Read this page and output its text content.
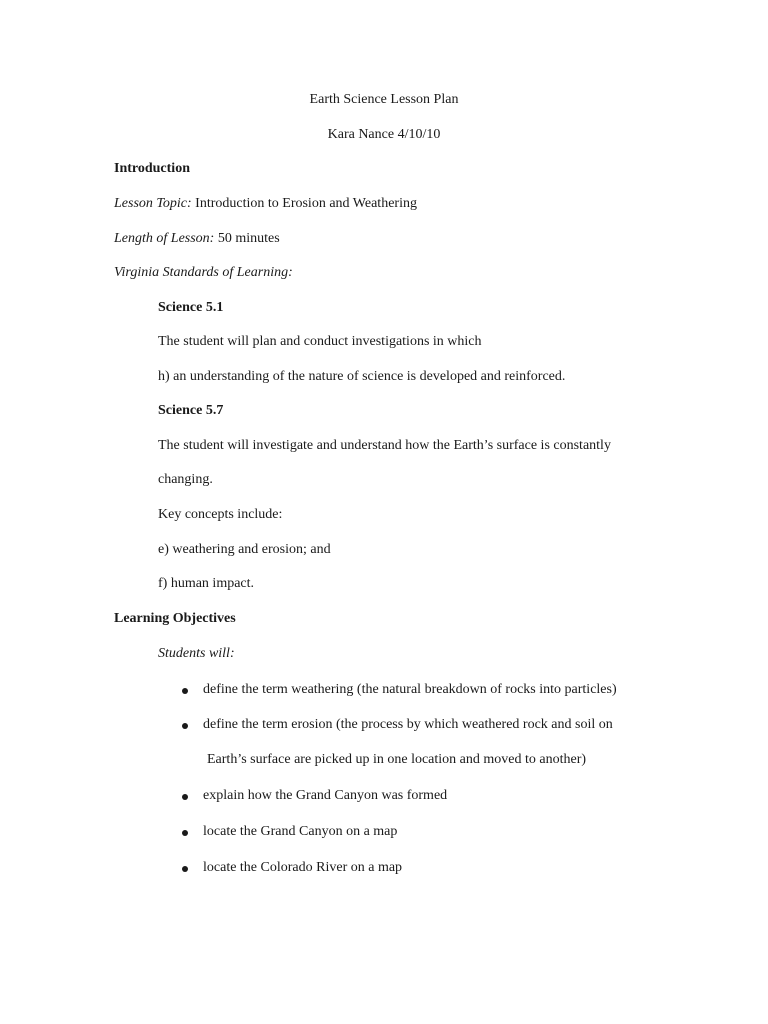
Earth Science Lesson Plan
Kara Nance 4/10/10
Introduction
Lesson Topic: Introduction to Erosion and Weathering
Length of Lesson: 50 minutes
Virginia Standards of Learning:
Science 5.1
The student will plan and conduct investigations in which
h) an understanding of the nature of science is developed and reinforced.
Science 5.7
The student will investigate and understand how the Earth’s surface is constantly
changing.
Key concepts include:
e) weathering and erosion; and
f) human impact.
Learning Objectives
Students will:
define the term weathering (the natural breakdown of rocks into particles)
define the term erosion (the process by which weathered rock and soil on
Earth’s surface are picked up in one location and moved to another)
explain how the Grand Canyon was formed
locate the Grand Canyon on a map
locate the Colorado River on a map
